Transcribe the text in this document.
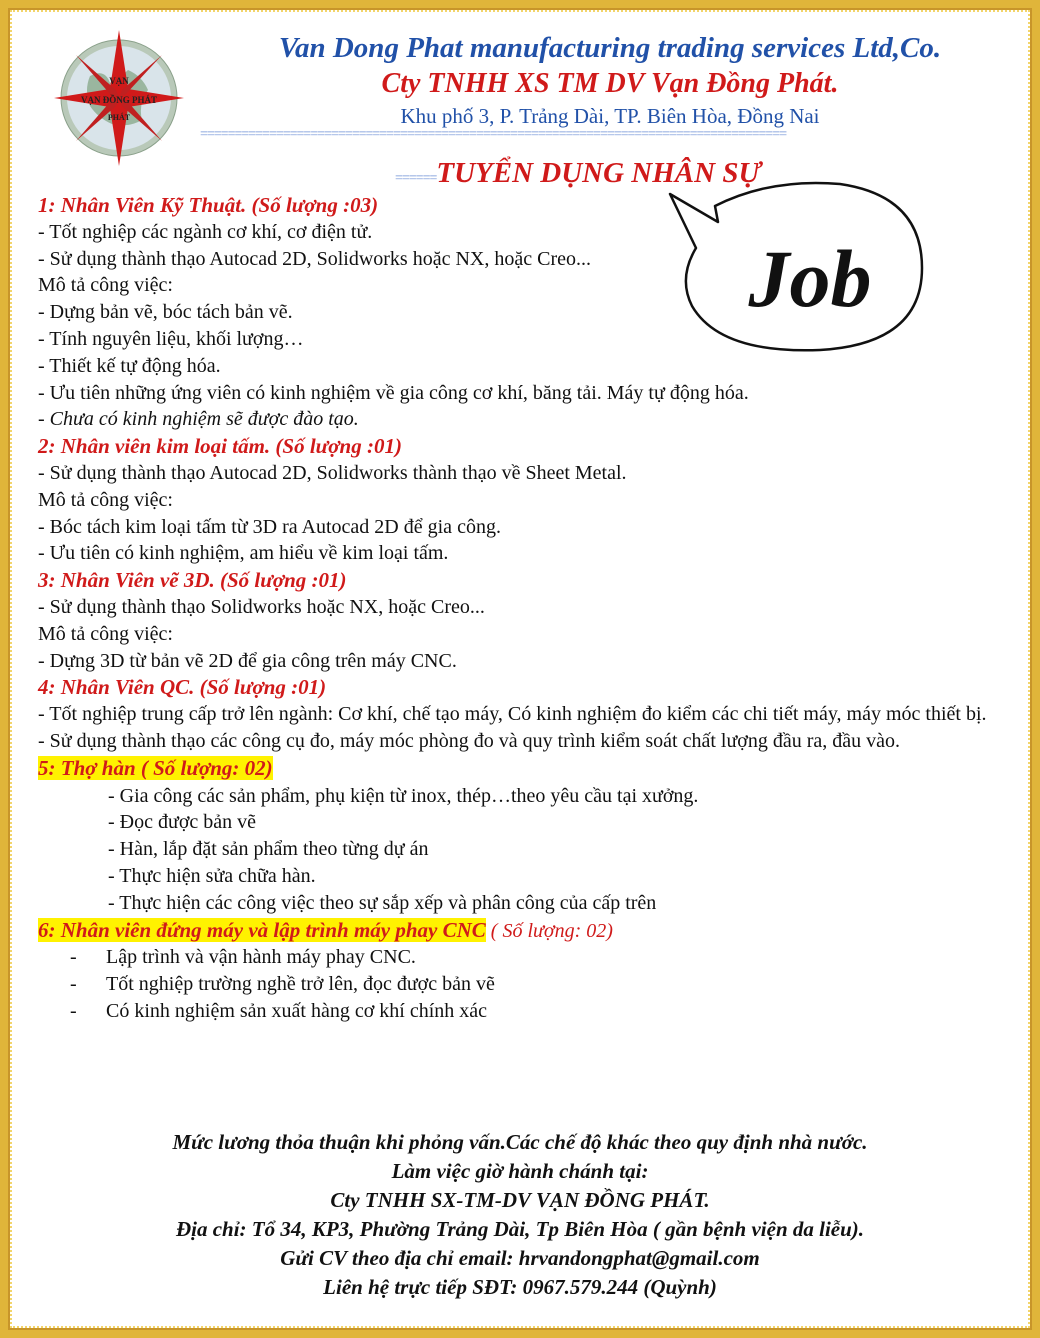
VẠN
VẠN ĐỒNG PHÁT
PHÁT
Van Dong Phat manufacturing trading services Ltd,Co.
Cty TNHH XS TM DV Vạn Đồng Phát.
Khu phố 3, P. Trảng Dài, TP. Biên Hòa, Đồng Nai
=====================================================================================
======TUYỂN DỤNG NHÂN SỰ
Job

1: Nhân Viên Kỹ Thuật. (Số lượng :03)

- Tốt nghiệp các ngành cơ khí, cơ điện tử.

- Sử dụng thành thạo Autocad 2D, Solidworks hoặc NX, hoặc Creo...

Mô tả công việc:

- Dựng bản vẽ, bóc tách bản vẽ.

- Tính nguyên liệu, khối lượng…

- Thiết kế tự động hóa.

- Ưu tiên những ứng viên có kinh nghiệm về gia công cơ khí, băng tải. Máy tự động hóa.

- Chưa có kinh nghiệm sẽ được đào tạo.

2: Nhân viên kim loại tấm. (Số lượng :01)

- Sử dụng thành thạo Autocad 2D, Solidworks thành thạo về Sheet Metal.

Mô tả công việc:

- Bóc tách kim loại tấm từ 3D ra Autocad 2D để gia công.

- Ưu tiên có kinh nghiệm, am hiểu về kim loại tấm.

3: Nhân Viên vẽ 3D. (Số lượng :01)

- Sử dụng thành thạo Solidworks hoặc NX, hoặc Creo...

Mô tả công việc:

- Dựng 3D từ bản vẽ 2D để gia công trên máy CNC.

4: Nhân Viên QC. (Số lượng :01)

- Tốt nghiệp trung cấp trở lên ngành: Cơ khí, chế tạo máy, Có kinh nghiệm đo kiểm các chi tiết máy, máy móc thiết bị.

- Sử dụng thành thạo các công cụ đo, máy móc phòng đo và quy trình kiểm soát chất lượng đầu ra, đầu vào.

5: Thợ hàn ( Số lượng: 02)

- Gia công các sản phẩm, phụ kiện từ inox, thép…theo yêu cầu tại xưởng.

- Đọc được bản vẽ

- Hàn, lắp đặt sản phẩm theo từng dự án

- Thực hiện sửa chữa hàn.

- Thực hiện các công việc theo sự sắp xếp và phân công của cấp trên

6: Nhân viên đứng máy và lập trình máy phay CNC ( Số lượng: 02)

-	Lập trình và vận hành máy phay CNC.
-	Tốt nghiệp trường nghề trở lên, đọc được bản vẽ
-	Có kinh nghiệm sản xuất hàng cơ khí chính xác
Mức lương thỏa thuận khi phỏng vấn.Các chế độ khác theo quy định nhà nước.
Làm việc giờ hành chánh tại:
Cty TNHH SX-TM-DV VẠN ĐỒNG PHÁT.
Địa chỉ: Tổ 34, KP3, Phường Trảng Dài, Tp Biên Hòa ( gần bệnh viện da liễu).
Gửi CV theo địa chỉ email: hrvandongphat@gmail.com
Liên hệ trực tiếp SĐT: 0967.579.244 (Quỳnh)
